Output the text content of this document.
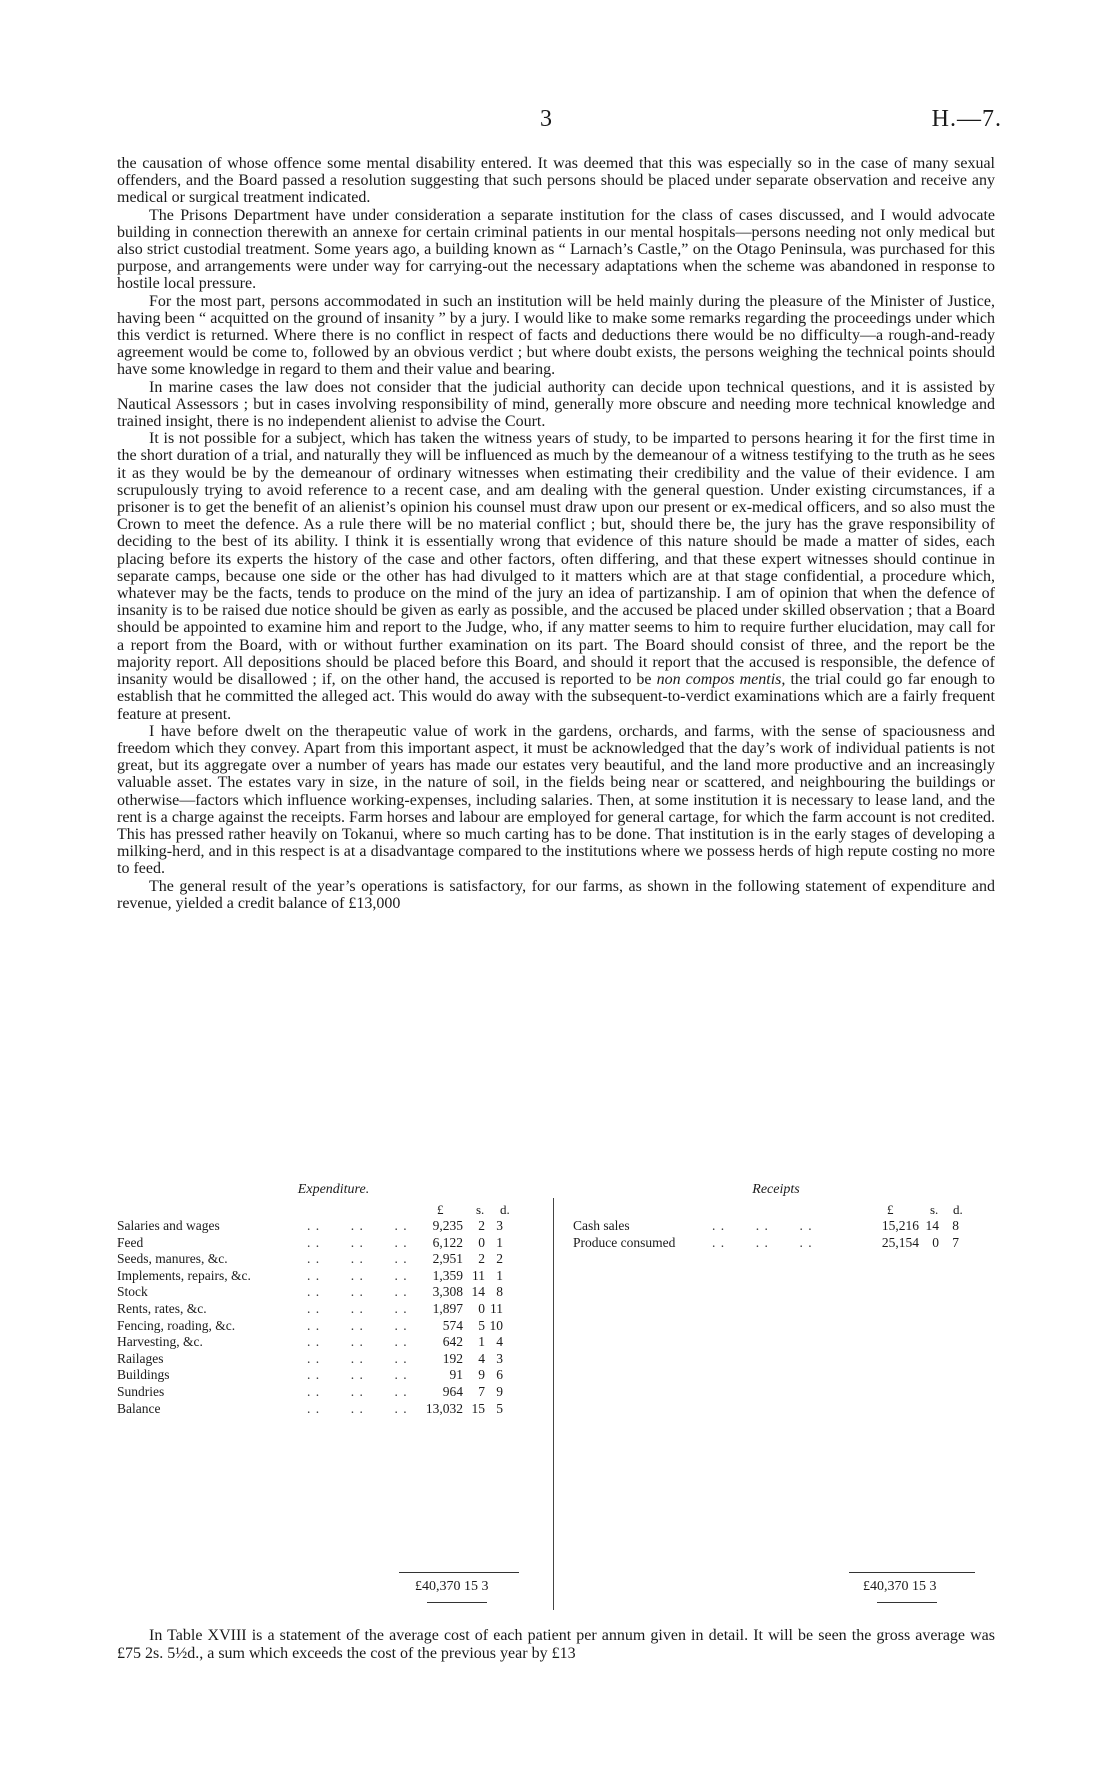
3	H.—7.

the causation of whose offence some mental disability entered. It was deemed that this was especially so in the case of many sexual offenders, and the Board passed a resolution suggesting that such persons should be placed under separate observation and receive any medical or surgical treatment indicated.

The Prisons Department have under consideration a separate institution for the class of cases discussed, and I would advocate building in connection therewith an annexe for certain criminal patients in our mental hospitals—persons needing not only medical but also strict custodial treatment. Some years ago, a building known as “ Larnach’s Castle,” on the Otago Peninsula, was purchased for this purpose, and arrangements were under way for carrying-out the necessary adaptations when the scheme was abandoned in response to hostile local pressure.

For the most part, persons accommodated in such an institution will be held mainly during the pleasure of the Minister of Justice, having been “ acquitted on the ground of insanity ” by a jury. I would like to make some remarks regarding the proceedings under which this verdict is returned. Where there is no conflict in respect of facts and deductions there would be no difficulty—a rough-and-ready agreement would be come to, followed by an obvious verdict ; but where doubt exists, the persons weighing the technical points should have some knowledge in regard to them and their value and bearing.

In marine cases the law does not consider that the judicial authority can decide upon technical questions, and it is assisted by Nautical Assessors ; but in cases involving responsibility of mind, generally more obscure and needing more technical knowledge and trained insight, there is no independent alienist to advise the Court.

It is not possible for a subject, which has taken the witness years of study, to be imparted to persons hearing it for the first time in the short duration of a trial, and naturally they will be influenced as much by the demeanour of a witness testifying to the truth as he sees it as they would be by the demeanour of ordinary witnesses when estimating their credibility and the value of their evidence. I am scrupulously trying to avoid reference to a recent case, and am dealing with the general question. Under existing circumstances, if a prisoner is to get the benefit of an alienist’s opinion his counsel must draw upon our present or ex-medical officers, and so also must the Crown to meet the defence. As a rule there will be no material conflict ; but, should there be, the jury has the grave responsibility of deciding to the best of its ability. I think it is essentially wrong that evidence of this nature should be made a matter of sides, each placing before its experts the history of the case and other factors, often differing, and that these expert witnesses should continue in separate camps, because one side or the other has had divulged to it matters which are at that stage confidential, a procedure which, whatever may be the facts, tends to produce on the mind of the jury an idea of partizanship. I am of opinion that when the defence of insanity is to be raised due notice should be given as early as possible, and the accused be placed under skilled observation ; that a Board should be appointed to examine him and report to the Judge, who, if any matter seems to him to require further elucidation, may call for a report from the Board, with or without further examination on its part. The Board should consist of three, and the report be the majority report. All depositions should be placed before this Board, and should it report that the accused is responsible, the defence of insanity would be disallowed ; if, on the other hand, the accused is reported to be non compos mentis, the trial could go far enough to establish that he committed the alleged act. This would do away with the subsequent-to-verdict examinations which are a fairly frequent feature at present.

I have before dwelt on the therapeutic value of work in the gardens, orchards, and farms, with the sense of spaciousness and freedom which they convey. Apart from this important aspect, it must be acknowledged that the day’s work of individual patients is not great, but its aggregate over a number of years has made our estates very beautiful, and the land more productive and an increasingly valuable asset. The estates vary in size, in the nature of soil, in the fields being near or scattered, and neighbouring the buildings or otherwise—factors which influence working-expenses, including salaries. Then, at some institution it is necessary to lease land, and the rent is a charge against the receipts. Farm horses and labour are employed for general cartage, for which the farm account is not credited. This has pressed rather heavily on Tokanui, where so much carting has to be done. That institution is in the early stages of developing a milking-herd, and in this respect is at a disadvantage compared to the institutions where we possess herds of high repute costing no more to feed.

The general result of the year’s operations is satisfactory, for our farms, as shown in the following statement of expenditure and revenue, yielded a credit balance of £13,000

Expenditure.
£	s. d.
Salaries and wages	. .       . .       . .	9,235	2 3
Feed	. .       . .       . .	6,122	0 1
Seeds, manures, &c.	. .       . .       . .	2,951	2 2
Implements, repairs, &c.	. .       . .       . .	1,359 11 1
Stock	. .       . .       . .	3,308 14 8
Rents, rates, &c.	. .       . .       . .	1,897	0 11
Fencing, roading, &c.	. .       . .       . .	574	5 10
Harvesting, &c.	. .       . .       . .	642	1 4
Railages	. .       . .       . .	192	4 3
Buildings	. .       . .       . .	91	9 6
Sundries	. .       . .       . .	964	7 9
Balance	. .       . .       . .	13,032 15 5
£40,370 15 3
Receipts
£	s. d.
Cash sales	. .       . .       . .	15,216 14 8
Produce consumed	. .       . .       . .	25,154 0 7
£40,370 15 3

In Table XVIII is a statement of the average cost of each patient per annum given in detail. It will be seen the gross average was £75 2s. 5½d., a sum which exceeds the cost of the previous year by £13
